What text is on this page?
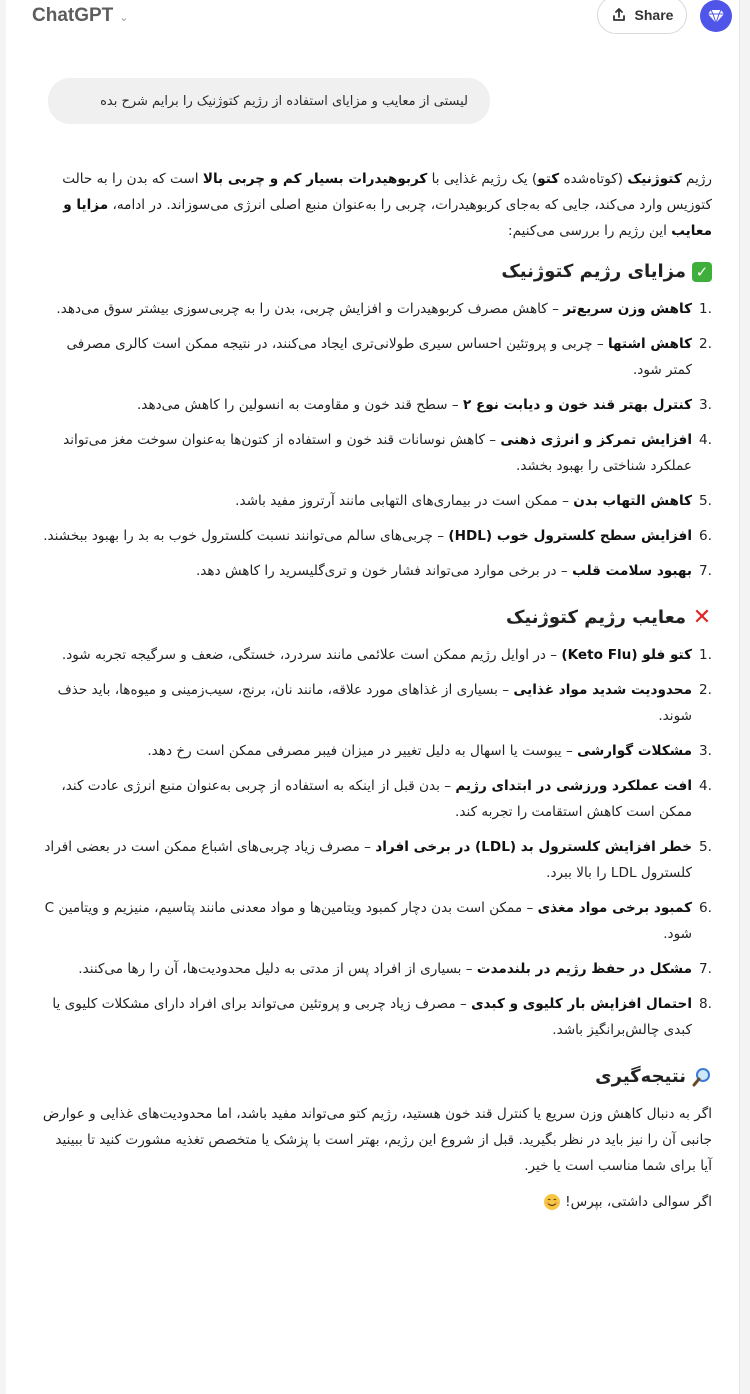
ChatGPT ⌄	Share
لیستی از معایب و مزایای استفاده از رژیم کتوژنیک را برایم شرح بده

رژیم کتوژنیک (کوتاه‌شده کتو) یک رژیم غذایی با کربوهیدرات بسیار کم و چربی بالا است که بدن را به حالت کتوزیس وارد می‌کند، جایی که به‌جای کربوهیدرات، چربی را به‌عنوان منبع اصلی انرژی می‌سوزاند. در ادامه، مزایا و معایب این رژیم را بررسی می‌کنیم:

✓
مزایای رژیم کتوژنیک
1.
کاهش وزن سریع‌تر – کاهش مصرف کربوهیدرات و افزایش چربی، بدن را به چربی‌سوزی بیشتر سوق می‌دهد.
2.
کاهش اشتها – چربی و پروتئین احساس سیری طولانی‌تری ایجاد می‌کنند، در نتیجه ممکن است کالری مصرفی کمتر شود.
3.
کنترل بهتر قند خون و دیابت نوع ۲ – سطح قند خون و مقاومت به انسولین را کاهش می‌دهد.
4.
افزایش تمرکز و انرژی ذهنی – کاهش نوسانات قند خون و استفاده از کتون‌ها به‌عنوان سوخت مغز می‌تواند عملکرد شناختی را بهبود بخشد.
5.
کاهش التهاب بدن – ممکن است در بیماری‌های التهابی مانند آرتروز مفید باشد.
6.
افزایش سطح کلسترول خوب (HDL) – چربی‌های سالم می‌توانند نسبت کلسترول خوب به بد را بهبود ببخشند.
7.
بهبود سلامت قلب – در برخی موارد می‌تواند فشار خون و تری‌گلیسرید را کاهش دهد.
✕
معایب رژیم کتوژنیک
1.
کتو فلو (Keto Flu) – در اوایل رژیم ممکن است علائمی مانند سردرد، خستگی، ضعف و سرگیجه تجربه شود.
2.
محدودیت شدید مواد غذایی – بسیاری از غذاهای مورد علاقه، مانند نان، برنج، سیب‌زمینی و میوه‌ها، باید حذف شوند.
3.
مشکلات گوارشی – یبوست یا اسهال به دلیل تغییر در میزان فیبر مصرفی ممکن است رخ دهد.
4.
افت عملکرد ورزشی در ابتدای رژیم – بدن قبل از اینکه به استفاده از چربی به‌عنوان منبع انرژی عادت کند، ممکن است کاهش استقامت را تجربه کند.
5.
خطر افزایش کلسترول بد (LDL) در برخی افراد – مصرف زیاد چربی‌های اشباع ممکن است در بعضی افراد کلسترول LDL را بالا ببرد.
6.
کمبود برخی مواد مغذی – ممکن است بدن دچار کمبود ویتامین‌ها و مواد معدنی مانند پتاسیم، منیزیم و ویتامین C شود.
7.
مشکل در حفظ رژیم در بلندمدت – بسیاری از افراد پس از مدتی به دلیل محدودیت‌ها، آن را رها می‌کنند.
8.
احتمال افزایش بار کلیوی و کبدی – مصرف زیاد چربی و پروتئین می‌تواند برای افراد دارای مشکلات کلیوی یا کبدی چالش‌برانگیز باشد.
نتیجه‌گیری

اگر به دنبال کاهش وزن سریع یا کنترل قند خون هستید، رژیم کتو می‌تواند مفید باشد، اما محدودیت‌های غذایی و عوارض جانبی آن را نیز باید در نظر بگیرید. قبل از شروع این رژیم، بهتر است با پزشک یا متخصص تغذیه مشورت کنید تا ببینید آیا برای شما مناسب است یا خیر.

اگر سوالی داشتی، بپرس!
